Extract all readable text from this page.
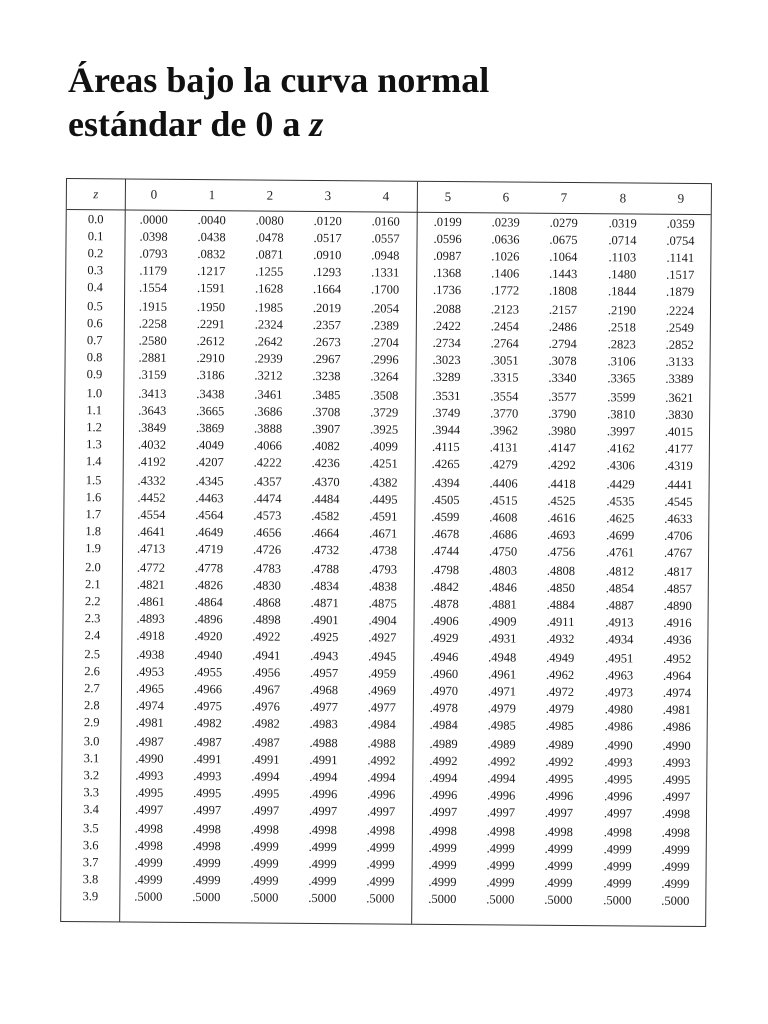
Áreas bajo la curva normal
estándar de 0 a z
z	0	1	2	3	4	5	6	7	8	9
0.0	.0000	.0040	.0080	.0120	.0160	.0199	.0239	.0279	.0319	.0359
0.1	.0398	.0438	.0478	.0517	.0557	.0596	.0636	.0675	.0714	.0754
0.2	.0793	.0832	.0871	.0910	.0948	.0987	.1026	.1064	.1103	.1141
0.3	.1179	.1217	.1255	.1293	.1331	.1368	.1406	.1443	.1480	.1517
0.4	.1554	.1591	.1628	.1664	.1700	.1736	.1772	.1808	.1844	.1879
0.5	.1915	.1950	.1985	.2019	.2054	.2088	.2123	.2157	.2190	.2224
0.6	.2258	.2291	.2324	.2357	.2389	.2422	.2454	.2486	.2518	.2549
0.7	.2580	.2612	.2642	.2673	.2704	.2734	.2764	.2794	.2823	.2852
0.8	.2881	.2910	.2939	.2967	.2996	.3023	.3051	.3078	.3106	.3133
0.9	.3159	.3186	.3212	.3238	.3264	.3289	.3315	.3340	.3365	.3389
1.0	.3413	.3438	.3461	.3485	.3508	.3531	.3554	.3577	.3599	.3621
1.1	.3643	.3665	.3686	.3708	.3729	.3749	.3770	.3790	.3810	.3830
1.2	.3849	.3869	.3888	.3907	.3925	.3944	.3962	.3980	.3997	.4015
1.3	.4032	.4049	.4066	.4082	.4099	.4115	.4131	.4147	.4162	.4177
1.4	.4192	.4207	.4222	.4236	.4251	.4265	.4279	.4292	.4306	.4319
1.5	.4332	.4345	.4357	.4370	.4382	.4394	.4406	.4418	.4429	.4441
1.6	.4452	.4463	.4474	.4484	.4495	.4505	.4515	.4525	.4535	.4545
1.7	.4554	.4564	.4573	.4582	.4591	.4599	.4608	.4616	.4625	.4633
1.8	.4641	.4649	.4656	.4664	.4671	.4678	.4686	.4693	.4699	.4706
1.9	.4713	.4719	.4726	.4732	.4738	.4744	.4750	.4756	.4761	.4767
2.0	.4772	.4778	.4783	.4788	.4793	.4798	.4803	.4808	.4812	.4817
2.1	.4821	.4826	.4830	.4834	.4838	.4842	.4846	.4850	.4854	.4857
2.2	.4861	.4864	.4868	.4871	.4875	.4878	.4881	.4884	.4887	.4890
2.3	.4893	.4896	.4898	.4901	.4904	.4906	.4909	.4911	.4913	.4916
2.4	.4918	.4920	.4922	.4925	.4927	.4929	.4931	.4932	.4934	.4936
2.5	.4938	.4940	.4941	.4943	.4945	.4946	.4948	.4949	.4951	.4952
2.6	.4953	.4955	.4956	.4957	.4959	.4960	.4961	.4962	.4963	.4964
2.7	.4965	.4966	.4967	.4968	.4969	.4970	.4971	.4972	.4973	.4974
2.8	.4974	.4975	.4976	.4977	.4977	.4978	.4979	.4979	.4980	.4981
2.9	.4981	.4982	.4982	.4983	.4984	.4984	.4985	.4985	.4986	.4986
3.0	.4987	.4987	.4987	.4988	.4988	.4989	.4989	.4989	.4990	.4990
3.1	.4990	.4991	.4991	.4991	.4992	.4992	.4992	.4992	.4993	.4993
3.2	.4993	.4993	.4994	.4994	.4994	.4994	.4994	.4995	.4995	.4995
3.3	.4995	.4995	.4995	.4996	.4996	.4996	.4996	.4996	.4996	.4997
3.4	.4997	.4997	.4997	.4997	.4997	.4997	.4997	.4997	.4997	.4998
3.5	.4998	.4998	.4998	.4998	.4998	.4998	.4998	.4998	.4998	.4998
3.6	.4998	.4998	.4999	.4999	.4999	.4999	.4999	.4999	.4999	.4999
3.7	.4999	.4999	.4999	.4999	.4999	.4999	.4999	.4999	.4999	.4999
3.8	.4999	.4999	.4999	.4999	.4999	.4999	.4999	.4999	.4999	.4999
3.9	.5000	.5000	.5000	.5000	.5000	.5000	.5000	.5000	.5000	.5000
